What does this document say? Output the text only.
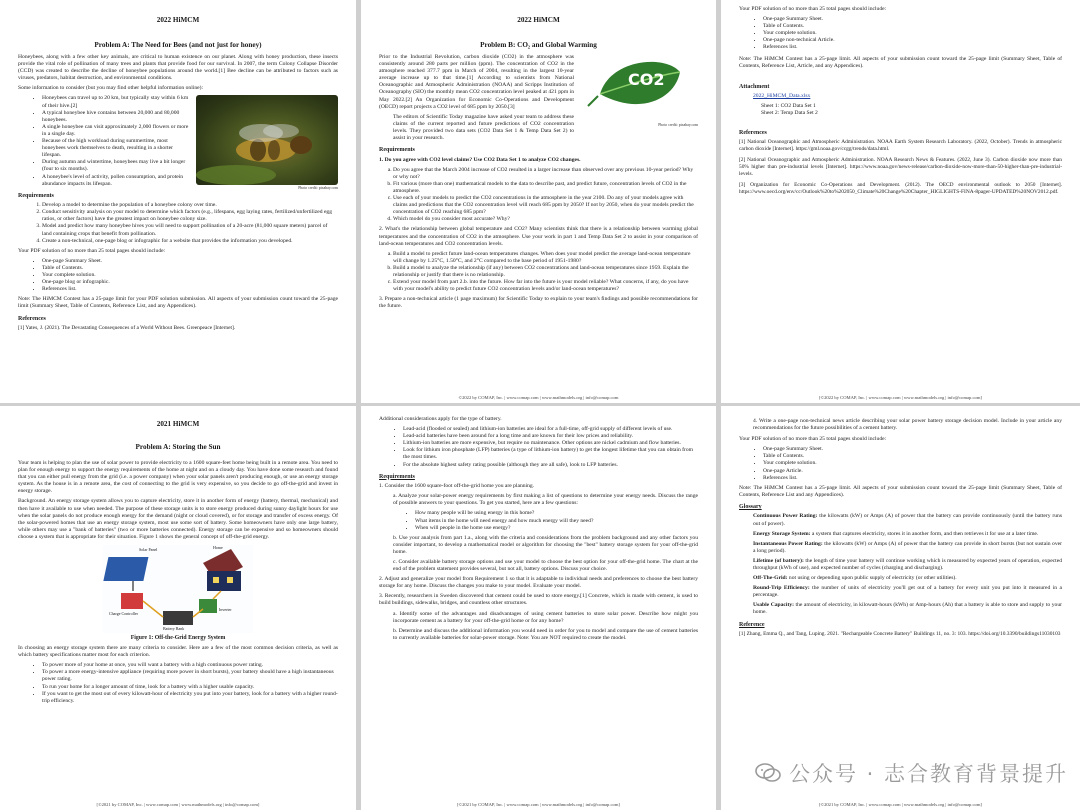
2022 HiMCM
Problem A: The Need for Bees (and not just for honey)

Honeybees, along with a few other key animals, are critical to human existence on our planet. Along with honey production, these insects provide the vital role of pollination of many trees and plants that provide food for our survival. In 2007, the term Colony Collapse Disorder (CCD) was created to describe the decline of honeybee populations around the world.[1] Bee decline can be attributed to factors such as viruses, predators, habitat destruction, and environmental conditions.

Some information to consider (but you may find other helpful information online):

Photo credit: pixabay.com
• Honeybees can travel up to 20 km, but typically stay within 6 km of their hive.[2]
• A typical honeybee hive contains between 20,000 and 80,000 honeybees.
• A single honeybee can visit approximately 2,000 flowers or more in a single day.
• Because of the high workload during summertime, most honeybees work themselves to death, resulting in a shorter lifespan.
• During autumn and wintertime, honeybees may live a bit longer (four to six months).
• A honeybee's level of activity, pollen consumption, and protein abundance impacts its lifespan.
Requirements
1. Develop a model to determine the population of a honeybee colony over time.
2. Conduct sensitivity analysis on your model to determine which factors (e.g., lifespans, egg laying rates, fertilized/unfertilized egg ratios, or other factors) have the greatest impact on honeybee colony size.
3. Model and predict how many honeybee hives you will need to support pollination of a 20-acre (81,000 square meters) parcel of land containing crops that benefit from pollination.
4. Create a non-technical, one-page blog or infographic for a website that provides the information you developed.

Your PDF solution of no more than 25 total pages should include:

• One-page Summary Sheet.
• Table of Contents.
• Your complete solution.
• One-page blog or infographic.
• References list.

Note: The HiMCM Contest has a 25-page limit for your PDF solution submission. All aspects of your submission count toward the 25-page limit (Summary Sheet, Table of Contents, Reference List, and any Appendices).

References

[1] Yates, J. (2021). The Devastating Consequences of a World Without Bees. Greenpeace [Internet].

2022 HiMCM
Problem B: CO₂ and Global Warming
CO2
Photo credit: pixabay.com

Prior to the Industrial Revolution, carbon dioxide (CO2) in the atmosphere was consistently around 280 parts per million (ppm). The concentration of CO2 in the atmosphere reached 377.7 ppm in March of 2004, resulting in the largest 10-year average increase up to that time.[1] According to scientists from National Oceanographic and Atmospheric Administration (NOAA) and Scripps Institution of Oceanography (SIO) the monthly mean CO2 concentration level peaked at 421 ppm in May 2022.[2] An Organization for Economic Co-Operations and Development (OECD) report projects a CO2 level of 685 ppm by 2050.[3]

The editors of Scientific Today magazine have asked your team to address these claims of the current reported and future predictions of CO2 concentration levels. They provided two data sets (CO2 Data Set 1 & Temp Data Set 2) to assist in your research.

Requirements

1. Do you agree with CO2 level claims? Use CO2 Data Set 1 to analyze CO2 changes.

a. Do you agree that the March 2004 increase of CO2 resulted in a larger increase than observed over any previous 10-year period? Why or why not?
b. Fit various (more than one) mathematical models to the data to describe past, and predict future, concentration levels of CO2 in the atmosphere.
c. Use each of your models to predict the CO2 concentrations in the atmosphere in the year 2100. Do any of your models agree with claims and predictions that the CO2 concentration level will reach 685 ppm by 2050? If not by 2050, when do your models predict the concentration of CO2 reaching 685 ppm?
d. Which model do you consider most accurate? Why?

2. What's the relationship between global temperature and CO2? Many scientists think that there is a relationship between warming global temperatures and the concentration of CO2 in the atmosphere. Use your work in part 1 and Temp Data Set 2 to assist in your comparison of land-ocean temperatures and CO2 concentration levels.

a. Build a model to predict future land-ocean temperatures changes. When does your model predict the average land-ocean temperature will change by 1.25°C, 1.50°C, and 2°C compared to the base period of 1951-1980?
b. Build a model to analyze the relationship (if any) between CO2 concentrations and land-ocean temperatures since 1959. Explain the relationship or justify that there is no relationship.
c. Extend your model from part 2.b. into the future. How far into the future is your model reliable? What concerns, if any, do you have with your model's ability to predict future CO2 concentration levels and/or land-ocean temperatures?

3. Prepare a non-technical article (1 page maximum) for Scientific Today to explain to your team's findings and possible recommendations for the future.

©2022 by COMAP, Inc. | www.comap.com | www.mathmodels.org | info@comap.com

Your PDF solution of no more than 25 total pages should include:

• One-page Summary Sheet.
• Table of Contents.
• Your complete solution.
• One-page non-technical Article.
• References list.

Note: The HiMCM Contest has a 25-page limit. All aspects of your submission count toward the 25-page limit (Summary Sheet, Table of Contents, Reference List, Article, and any Appendices).

Attachment

2022_HiMCM_Data.xlsx

Sheet 1: CO2 Data Set 1

Sheet 2: Temp Data Set 2

References

[1] National Oceanographic and Atmospheric Administration. NOAA Earth System Research Laboratory. (2022, October). Trends in atmospheric carbon dioxide [Internet]. https://gml.noaa.gov/ccgg/trends/data.html.

[2] National Oceanographic and Atmospheric Administration. NOAA Research News & Features. (2022, June 3). Carbon dioxide now more than 50% higher than pre-industrial levels [Internet]. https://www.noaa.gov/news-release/carbon-dioxide-now-more-than-50-higher-than-pre-industrial-levels.

[3] Organization for Economic Co-Operations and Development. (2012). The OECD environmental outlook to 2050 [Internet]. https://www.oecd.org/env/cc/Outlook%20to%202050_Climate%20Change%20Chapter_HIGLIGHTS-FINA-8pager-UPDATED%20NOV2012.pdf.

[©2022 by COMAP, Inc. | www.comap.com | www.mathmodels.org | info@comap.com]
2021 HiMCM
Problem A: Storing the Sun

Your team is helping to plan the use of solar power to provide electricity to a 1600 square-feet home being built in a remote area. You need to plan for enough energy to support the energy requirements of the home at night and on a cloudy day. You have done some research and found that you can either pull energy from the grid (i.e. a power company) when your solar panels aren't producing enough, or use an energy storage system. As the house is in a remote area, the cost of connecting to the grid is very expensive, so you decide to go off-the-grid and invest in energy storage.

Background. An energy storage system allows you to capture electricity, store it in another form of energy (battery, thermal, mechanical) and then have it available to use when needed. The purpose of these storage units is to store energy produced during sunny daylight hours for use when the solar panels do not produce enough energy for the demand (night or cloud covered), or for storage and transfer of excess energy. Of the solar-powered homes that use an energy storage system, most use some sort of battery. Some homeowners have only one large battery, while others may use a "bank of batteries" (two or more batteries connected). Energy storage can be expensive and so homeowners should choose a system that is appropriate for their situation. Figure 1 shows the general concept of off-the-grid energy.

Solar Panel	Home
Charge Controller
Battery Bank
Inverter
Figure 1: Off-the-Grid Energy System

In choosing an energy storage system there are many criteria to consider. Here are a few of the most common decision criteria, as well as which battery specifications matter most for each criterion.

• To power more of your home at once, you will want a battery with a high continuous power rating.
• To power a more energy-intensive appliance (requiring more power in short bursts), your battery should have a high instantaneous power rating.
• To run your home for a longer amount of time, look for a battery with a higher usable capacity.
• If you want to get the most out of every kilowatt-hour of electricity you put into your battery, look for a battery with a higher round-trip efficiency.
[©2021 by COMAP, Inc. | www.comap.com | www.mathmodels.org | info@comap.com]

Additional considerations apply for the type of battery.

• Lead-acid (flooded or sealed) and lithium-ion batteries are ideal for a full-time, off-grid supply of different levels of use.
• Lead-acid batteries have been around for a long time and are known for their low prices and reliability.
• Lithium-ion batteries are more expensive, but require no maintenance. Other options are nickel cadmium and flow batteries.
• Look for lithium iron phosphate (LFP) batteries (a type of lithium-ion battery) to get the longest lifetime that you can obtain from the most times.
• For the absolute highest safety rating possible (although they are all safe), look to LFP batteries.
Requirements

1. Consider the 1600 square-foot off-the-grid home you are planning.

a. Analyze your solar-power energy requirements by first making a list of questions to determine your energy needs. Discuss the range of possible answers to your questions. To get you started, here are a few questions:

• How many people will be using energy in this home?
• What items in the home will need energy and how much energy will they need?
• When will people in the home use energy?

b. Use your analysis from part 1.a., along with the criteria and considerations from the problem background and any other factors you consider important, to develop a mathematical model or algorithm for choosing the "best" battery storage system for your off-the-grid home.

c. Consider available battery storage options and use your model to choose the best option for your off-the-grid home. The chart at the end of the problem statement provides several, but not all, battery options. Discuss your choice.

2. Adjust and generalize your model from Requirement 1 so that it is adaptable to individual needs and preferences to choose the best battery storage for any home. Discuss the changes you make to your model. Evaluate your model.

3. Recently, researchers in Sweden discovered that cement could be used to store energy.[1] Concrete, which is made with cement, is used to build buildings, sidewalks, bridges, and countless other structures.

a. Identify some of the advantages and disadvantages of using cement batteries to store solar power. Describe how might you incorporate cement as a battery for your off-the-grid home or for any home?

b. Determine and discuss the additional information you would need in order for you to model and compare the use of cement batteries to currently available batteries for solar-power storage. Note: You are NOT required to create the model.

[©2021 by COMAP, Inc. | www.comap.com | www.mathmodels.org | info@comap.com]

4. Write a one-page non-technical news article describing your solar power battery storage decision model. Include in your article any recommendations for the future possibilities of a cement battery.

Your PDF solution of no more than 25 total pages should include:

• One-page Summary Sheet.
• Table of Contents.
• Your complete solution.
• One-page Article.
• References list.

Note: The HiMCM Contest has a 25-page limit. All aspects of your submission count toward the 25-page limit (Summary Sheet, Table of Contents, Reference List and any Appendices).

Glossary

Continuous Power Rating: the kilowatts (kW) or Amps (A) of power that the battery can provide continuously (until the battery runs out of power).

Energy Storage System: a system that captures electricity, stores it in another form, and then retrieves it for use at a later time.

Instantaneous Power Rating: the kilowatts (kW) or Amps (A) of power that the battery can provide in short bursts (but not sustain over a long period).

Lifetime (of battery): the length of time your battery will continue working which is measured by expected years of operation, expected throughput (kWh of use), and expected number of cycles (charging and discharging).

Off-The-Grid: not using or depending upon public supply of electricity (or other utilities).

Round-Trip Efficiency: the number of units of electricity you'll get out of a battery for every unit you put into it measured in a percentage.

Usable Capacity: the amount of electricity, in kilowatt-hours (kWh) or Amp-hours (Ah) that a battery is able to store and supply to your home.

Reference

[1] Zhang, Emma Q., and Tang, Luping. 2021. "Rechargeable Concrete Battery" Buildings 11, no. 3: 103. https://doi.org/10.3390/buildings11030103

[©2021 by COMAP, Inc. | www.comap.com | www.mathmodels.org | info@comap.com]
公众号 · 志合教育背景提升
